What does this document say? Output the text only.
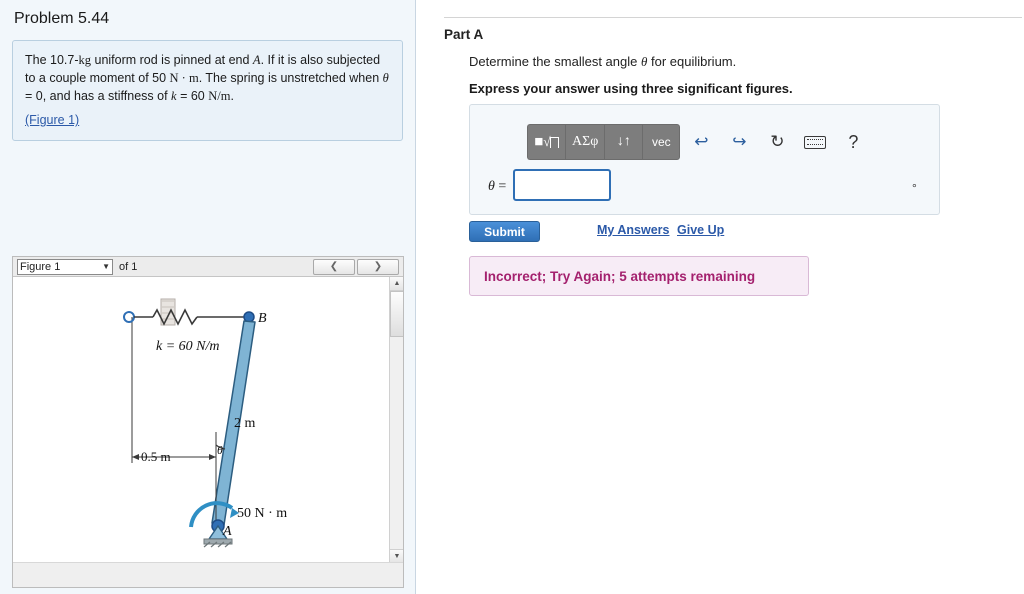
Problem 5.44
The 10.7-kg uniform rod is pinned at end A. If it is also subjected to a couple moment of 50 N · m. The spring is unstretched when θ = 0, and has a stiffness of k = 60 N/m.
(Figure 1)
Figure 1	▼ of 1	❮	❯
B
k = 60 N/m
2 m
0.5 m	θ
50 N · m
A
▲
▼
Part A
Determine the smallest angle θ for equilibrium.
Express your answer using three significant figures.
■ √
	ΑΣφ	↓↑	vec	↩	↪	↻	?
θ =	°
Submit	My Answers Give Up
Incorrect; Try Again; 5 attempts remaining
